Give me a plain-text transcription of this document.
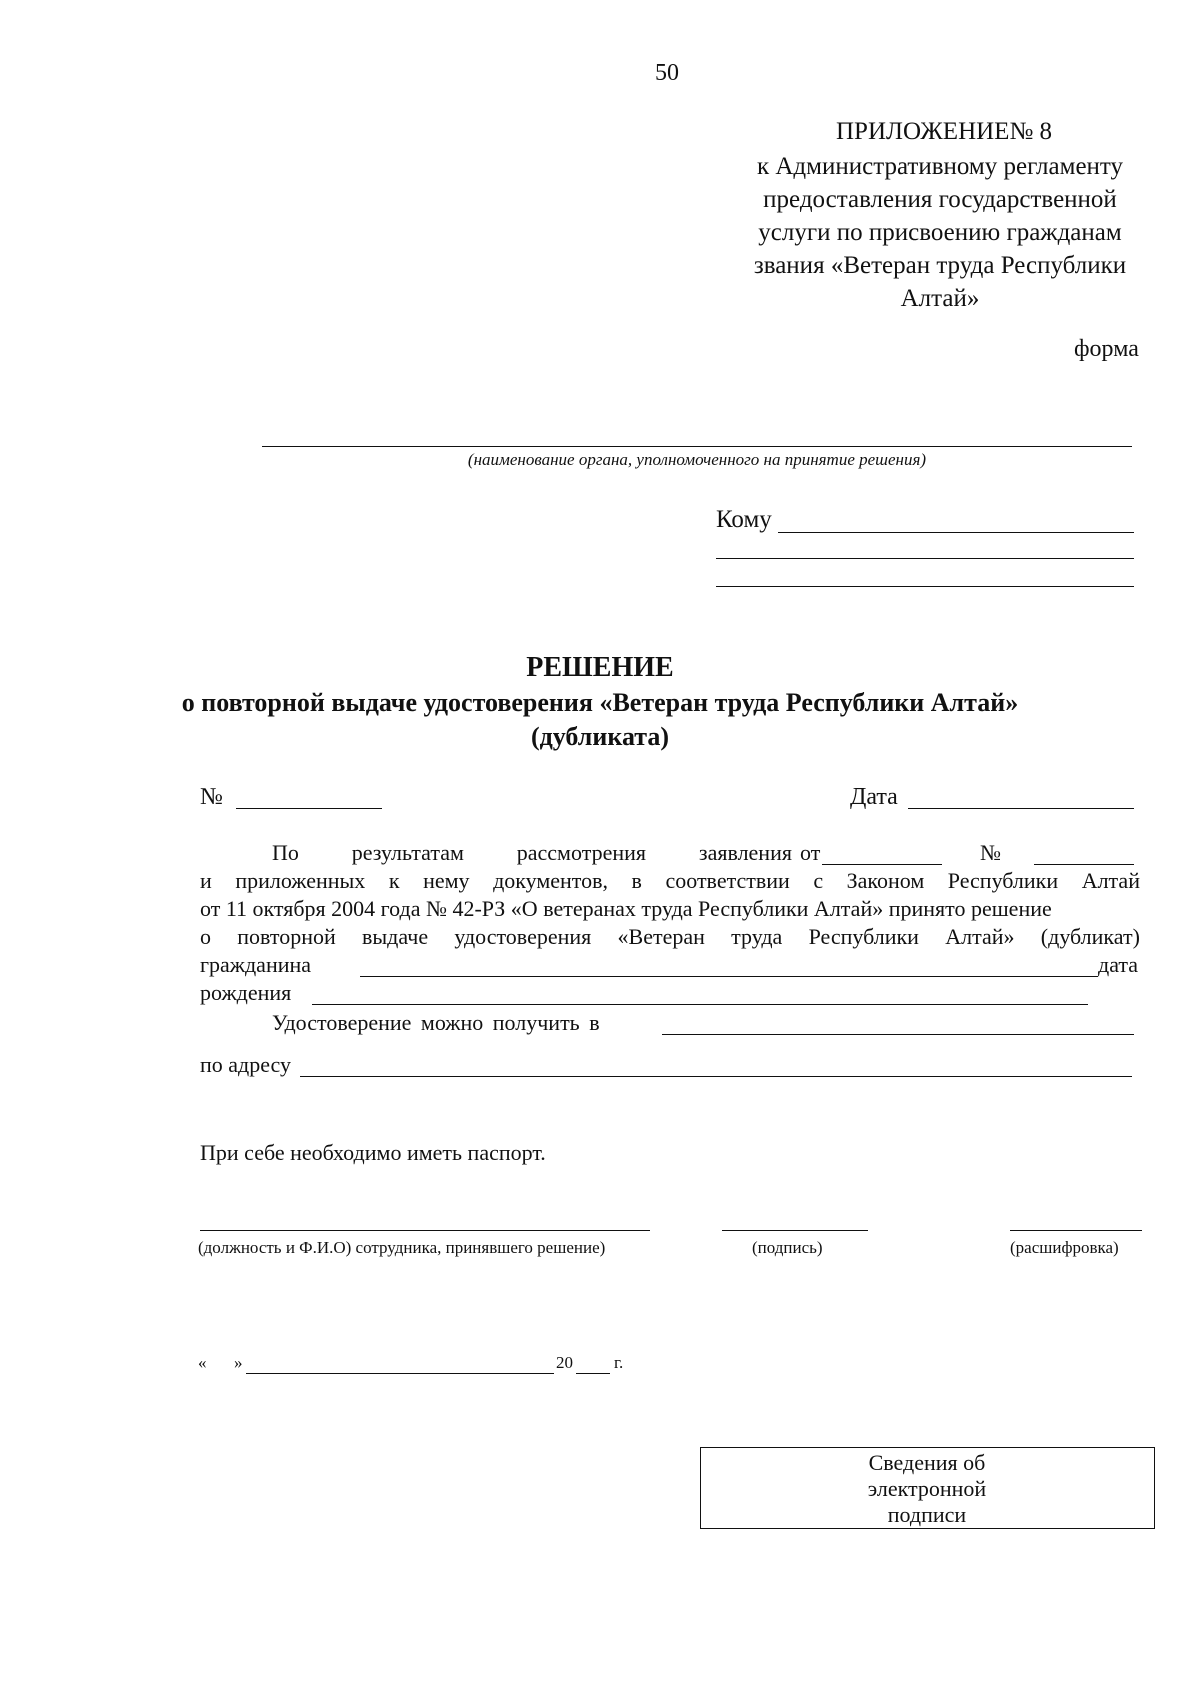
50
ПРИЛОЖЕНИЕ№ 8
к Административному регламенту
предоставления государственной
услуги по присвоению гражданам
звания «Ветеран труда Республики
Алтай»
форма
(наименование органа, уполномоченного на принятие решения)
Кому
РЕШЕНИЕ
о повторной выдаче удостоверения «Ветеран труда Республики Алтай»
(дубликата)
№	Дата
По результатам рассмотрения заявления от	№
и приложенных к нему документов, в соответствии с Законом Республики Алтай
от 11 октября 2004 года № 42-РЗ «О ветеранах труда Республики Алтай» принято решение
о повторной выдаче удостоверения «Ветеран труда Республики Алтай» (дубликат)
гражданина	дата
рождения
Удостоверение можно получить в
по адресу
При себе необходимо иметь паспорт.
(должность и Ф.И.О) сотрудника, принявшего решение)	(подпись)	(расшифровка)
« »	20 г.
Сведения об
электронной
подписи
